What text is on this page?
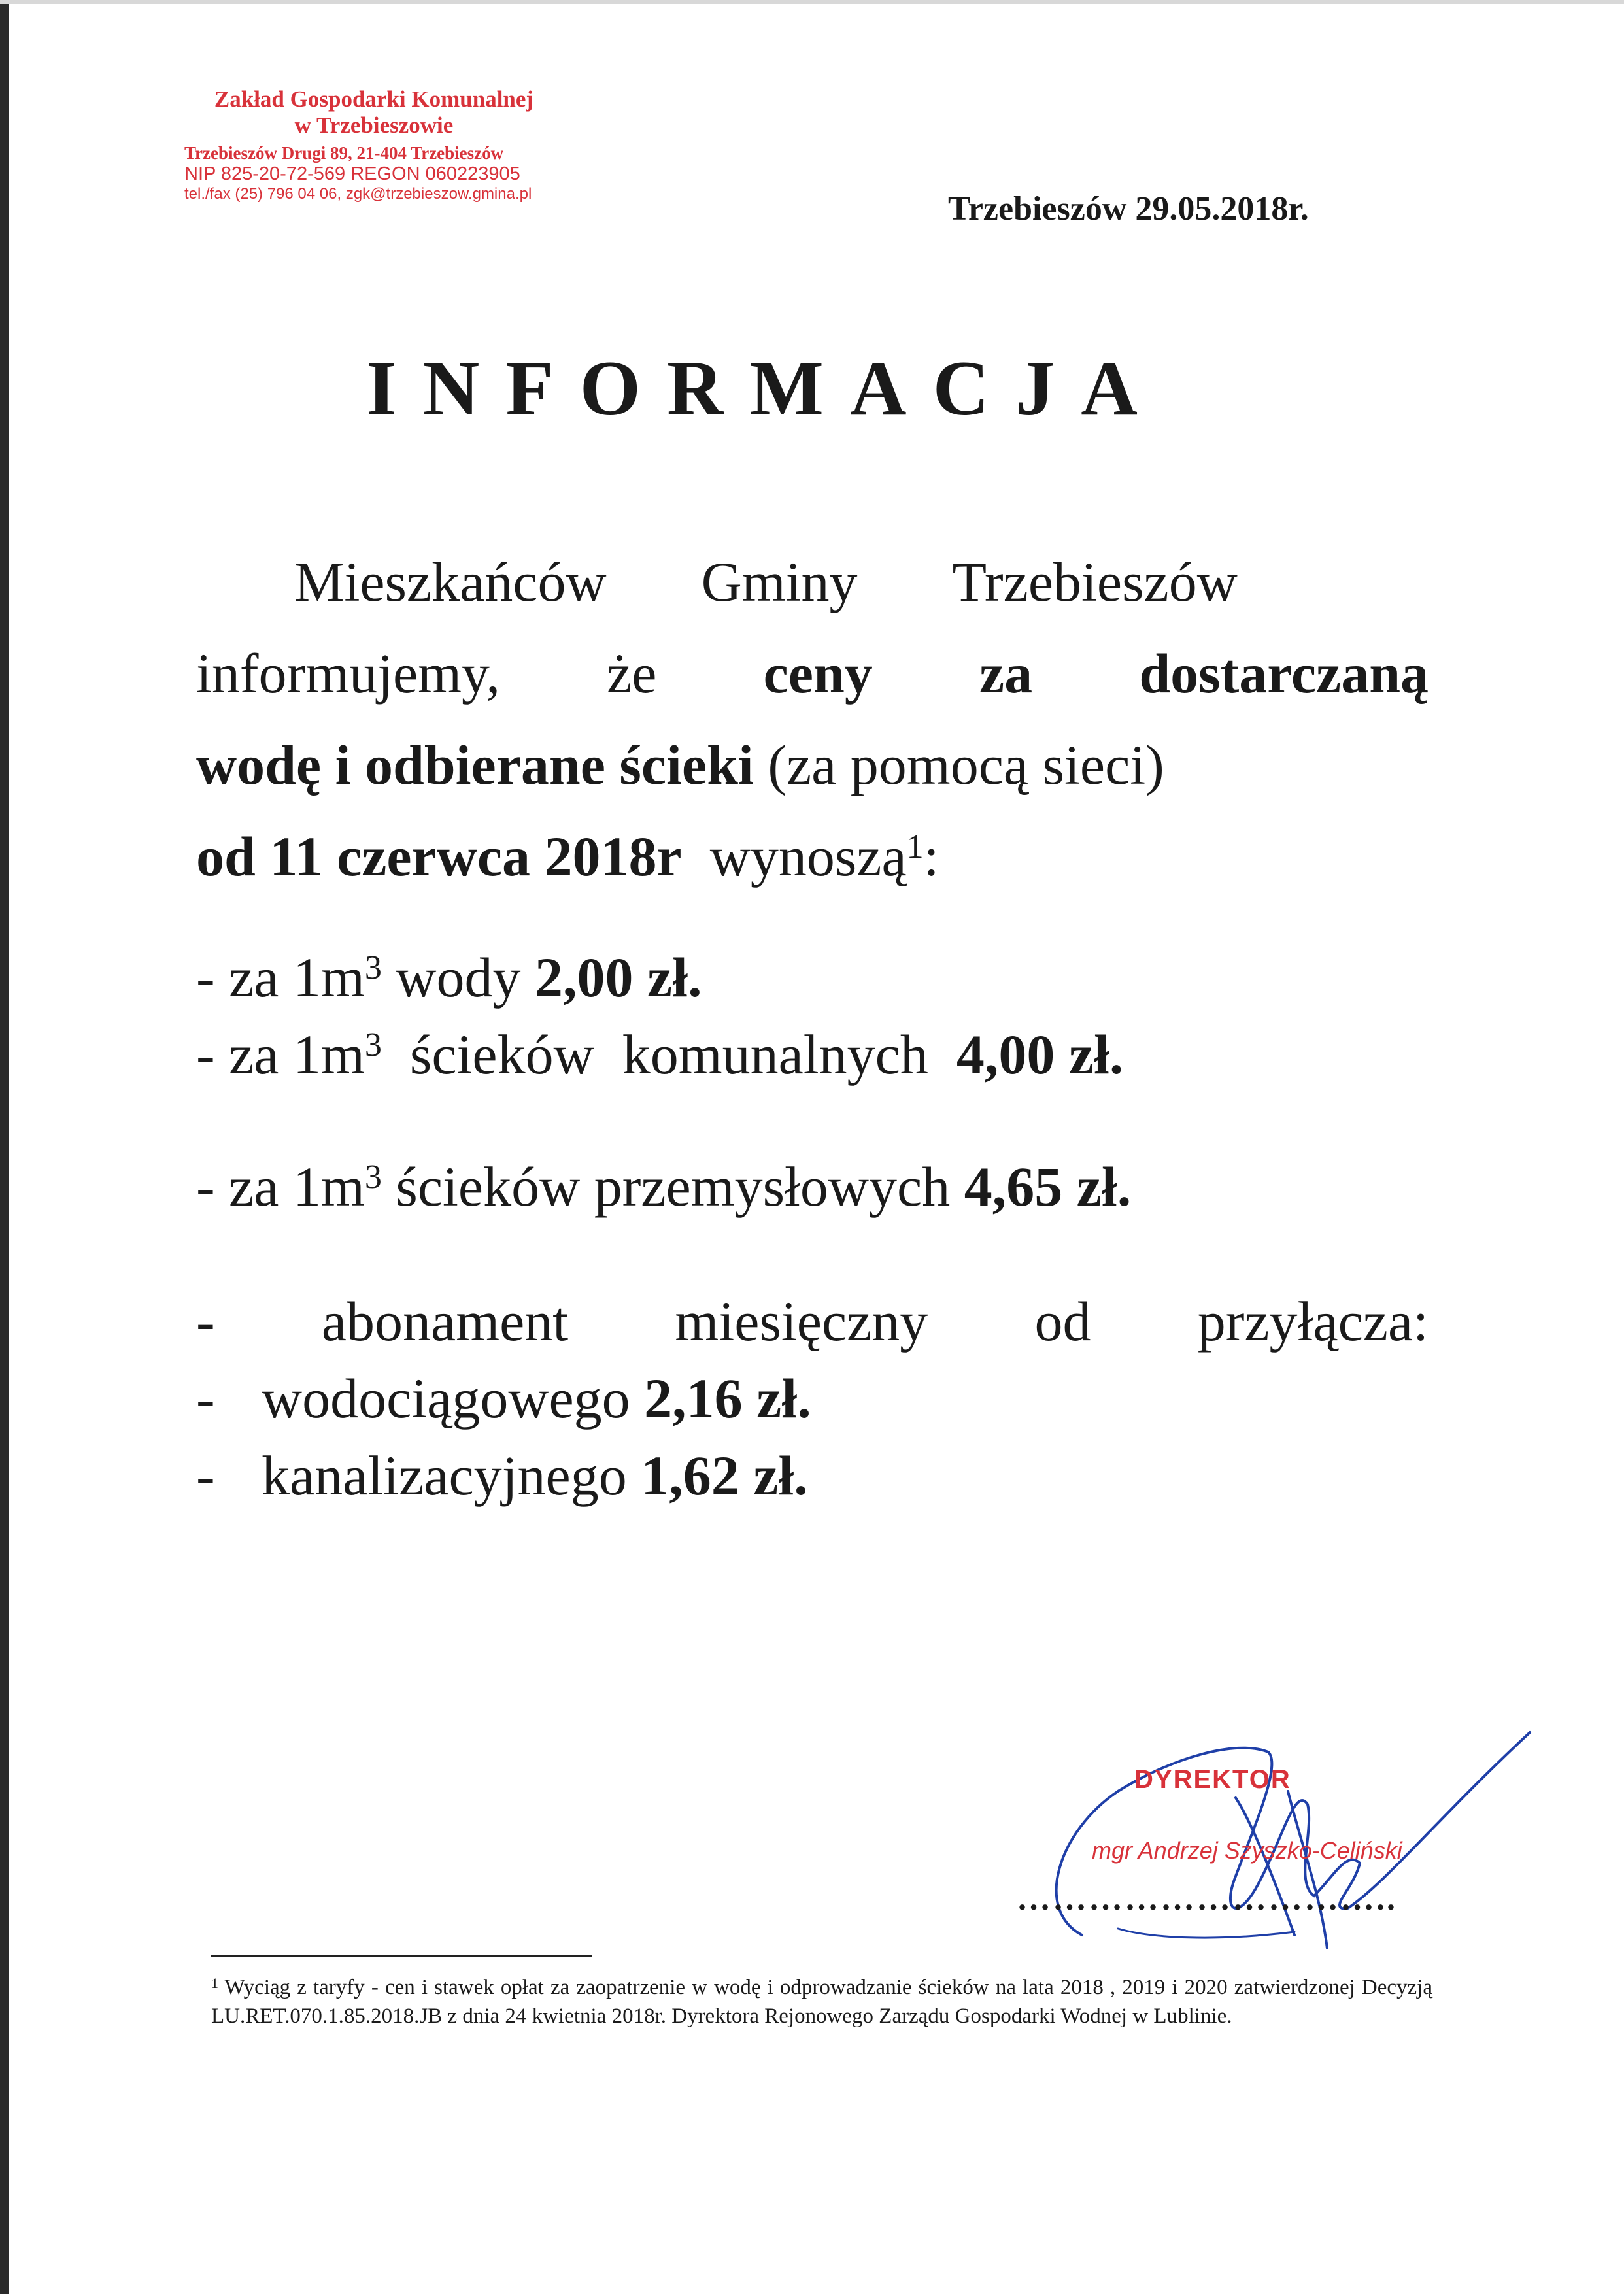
Zakład Gospodarki Komunalnej
w Trzebieszowie
Trzebieszów Drugi 89, 21-404 Trzebieszów
NIP 825-20-72-569 REGON 060223905
tel./fax (25) 796 04 06, zgk@trzebieszow.gmina.pl	Trzebieszów 29.05.2018r.
INFORMACJA
Mieszkańców Gminy Trzebieszów
informujemy, że ceny za dostarczaną
wodę i odbierane ścieki (za pomocą sieci)
od 11 czerwca 2018r wynoszą$^1$:
- za $1m^3$ wody 2,00 zł.
- za $1m^3$  ścieków  komunalnych  4,00 zł.
- za $1m^3$ ścieków przemysłowych 4,65 zł.
- abonament miesięczny od przyłącza:
- wodociągowego 2,16 zł.
- kanalizacyjnego 1,62 zł.
DYREKTOR
mgr Andrzej Szyszko-Celiński
…………………………..
$^1$ Wyciąg z taryfy - cen i stawek opłat za zaopatrzenie w wodę i odprowadzanie ścieków na lata 2018 , 2019 i 2020 zatwierdzonej Decyzją LU.RET.070.1.85.2018.JB z dnia 24 kwietnia 2018r. Dyrektora Rejonowego Zarządu Gospodarki Wodnej w Lublinie.
